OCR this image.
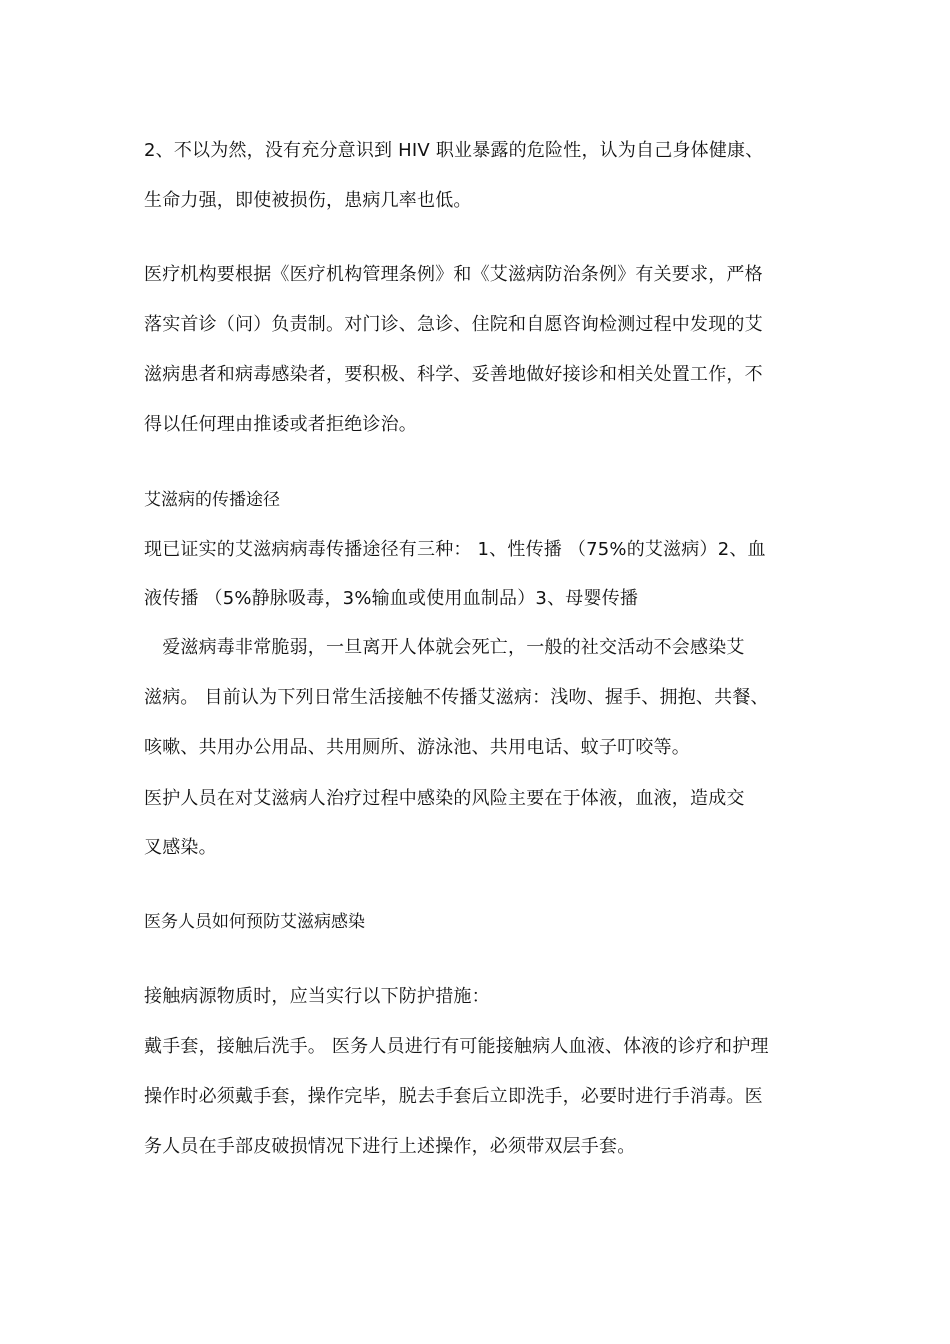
2、不以为然，没有充分意识到 HIV 职业暴露的危险性，认为自己身体健康、
生命力强，即使被损伤，患病几率也低。
医疗机构要根据《医疗机构管理条例》和《艾滋病防治条例》有关要求，严格
落实首诊（问）负责制。对门诊、急诊、住院和自愿咨询检测过程中发现的艾
滋病患者和病毒感染者，要积极、科学、妥善地做好接诊和相关处置工作，不
得以任何理由推诿或者拒绝诊治。
艾滋病的传播途径
现已证实的艾滋病病毒传播途径有三种： 1、性传播 （75%的艾滋病）2、血
液传播 （5%静脉吸毒，3%输血或使用血制品）3、母婴传播
　爱滋病毒非常脆弱，一旦离开人体就会死亡，一般的社交活动不会感染艾
滋病。 目前认为下列日常生活接触不传播艾滋病：浅吻、握手、拥抱、共餐、
咳嗽、共用办公用品、共用厕所、游泳池、共用电话、蚊子叮咬等。
医护人员在对艾滋病人治疗过程中感染的风险主要在于体液，血液，造成交
叉感染。
医务人员如何预防艾滋病感染
接触病源物质时，应当实行以下防护措施：
戴手套，接触后洗手。 医务人员进行有可能接触病人血液、体液的诊疗和护理
操作时必须戴手套，操作完毕，脱去手套后立即洗手，必要时进行手消毒。医
务人员在手部皮破损情况下进行上述操作，必须带双层手套。
